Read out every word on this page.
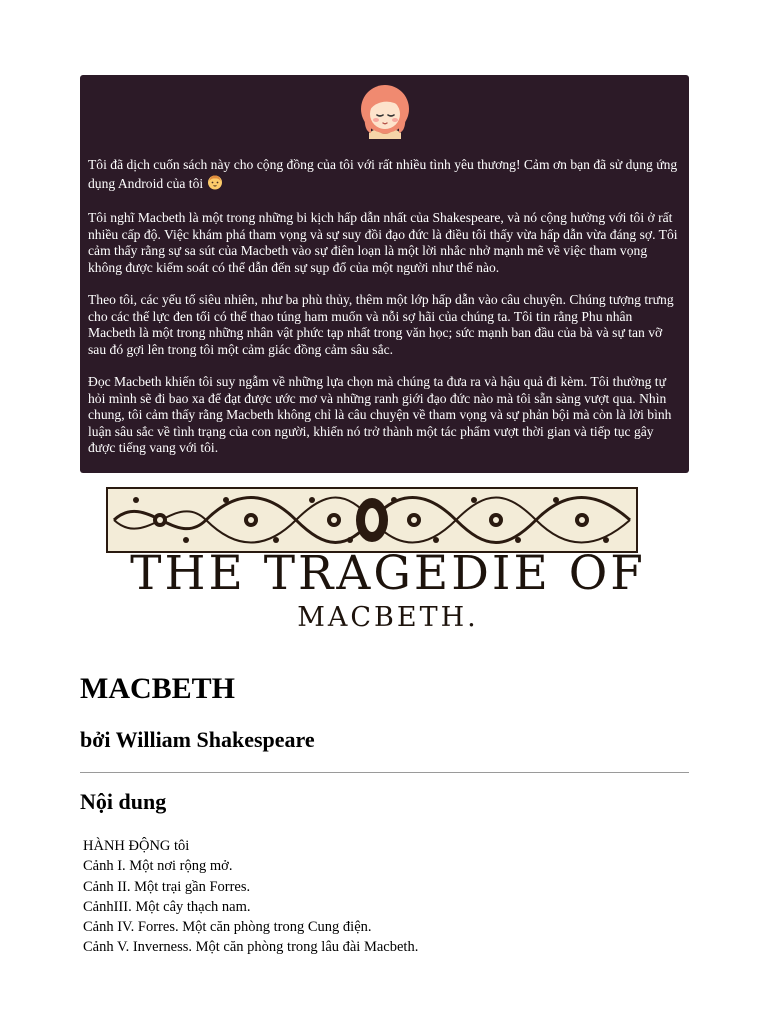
Tôi đã dịch cuốn sách này cho cộng đồng của tôi với rất nhiều tình yêu thương! Cảm ơn bạn đã sử dụng ứng dụng Android của tôi

Tôi nghĩ Macbeth là một trong những bi kịch hấp dẫn nhất của Shakespeare, và nó cộng hưởng với tôi ở rất nhiều cấp độ. Việc khám phá tham vọng và sự suy đồi đạo đức là điều tôi thấy vừa hấp dẫn vừa đáng sợ. Tôi cảm thấy rằng sự sa sút của Macbeth vào sự điên loạn là một lời nhắc nhở mạnh mẽ về việc tham vọng không được kiểm soát có thể dẫn đến sự sụp đổ của một người như thế nào.

Theo tôi, các yếu tố siêu nhiên, như ba phù thủy, thêm một lớp hấp dẫn vào câu chuyện. Chúng tượng trưng cho các thế lực đen tối có thể thao túng ham muốn và nỗi sợ hãi của chúng ta. Tôi tin rằng Phu nhân Macbeth là một trong những nhân vật phức tạp nhất trong văn học; sức mạnh ban đầu của bà và sự tan vỡ sau đó gợi lên trong tôi một cảm giác đồng cảm sâu sắc.

Đọc Macbeth khiến tôi suy ngẫm về những lựa chọn mà chúng ta đưa ra và hậu quả đi kèm. Tôi thường tự hỏi mình sẽ đi bao xa để đạt được ước mơ và những ranh giới đạo đức nào mà tôi sẵn sàng vượt qua. Nhìn chung, tôi cảm thấy rằng Macbeth không chỉ là câu chuyện về tham vọng và sự phản bội mà còn là lời bình luận sâu sắc về tình trạng của con người, khiến nó trở thành một tác phẩm vượt thời gian và tiếp tục gây được tiếng vang với tôi.

THE TRAGEDIE OF
MACBETH.
MACBETH
bởi William Shakespeare
Nội dung
HÀNH ĐỘNG tôi
Cảnh I. Một nơi rộng mở.
Cảnh II. Một trại gần Forres.
CảnhIII. Một cây thạch nam.
Cảnh IV. Forres. Một căn phòng trong Cung điện.
Cảnh V. Inverness. Một căn phòng trong lâu đài Macbeth.
